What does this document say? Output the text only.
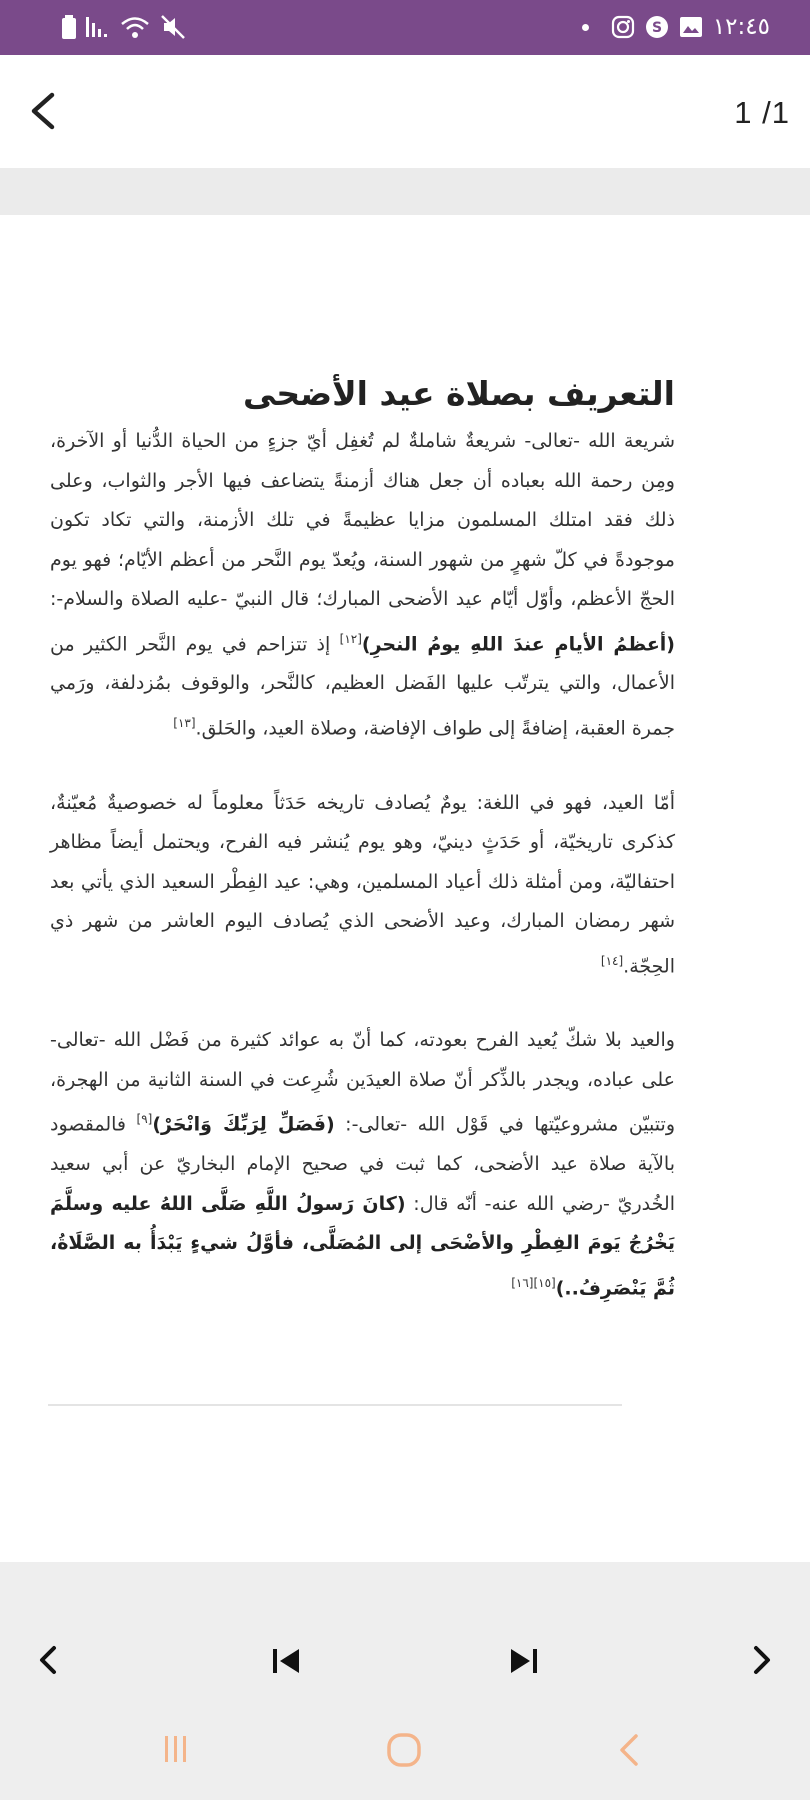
S ١٢:٤٥
1 /1
التعريف بصلاة عيد الأضحى

شريعة الله -تعالى- شريعةٌ شاملةٌ لم تُغفِل أيّ جزءٍ من الحياة الدُّنيا أو الآخرة، ومِن رحمة الله بعباده أن جعل هناك أزمنةً يتضاعف فيها الأجر والثواب، وعلى ذلك فقد امتلك المسلمون مزايا عظيمةً في تلك الأزمنة، والتي تكاد تكون موجودةً في كلّ شهرٍ من شهور السنة، ويُعدّ يوم النَّحر من أعظم الأيّام؛ فهو يوم الحجّ الأعظم، وأوّل أيّام عيد الأضحى المبارك؛ قال النبيّ -عليه الصلاة والسلام-: (أعظمُ الأيامِ عندَ اللهِ يومُ النحرِ)[١٢] إذ تتزاحم في يوم النَّحر الكثير من الأعمال، والتي يترتّب عليها الفَضل العظيم، كالنَّحر، والوقوف بمُزدلفة، ورَمي جمرة العقبة، إضافةً إلى طواف الإفاضة، وصلاة العيد، والحَلق.[١٣]

أمّا العيد، فهو في اللغة: يومٌ يُصادف تاريخه حَدَثاً معلوماً له خصوصيةٌ مُعيّنةٌ، كذكرى تاريخيّة، أو حَدَثٍ دينيّ، وهو يوم يُنشر فيه الفرح، ويحتمل أيضاً مظاهر احتفاليّة، ومن أمثلة ذلك أعياد المسلمين، وهي: عيد الفِطْر السعيد الذي يأتي بعد شهر رمضان المبارك، وعيد الأضحى الذي يُصادف اليوم العاشر من شهر ذي الحِجّة.[١٤]

والعيد بلا شكّ يُعيد الفرح بعودته، كما أنّ به عوائد كثيرة من فَضْل الله -تعالى- على عباده، ويجدر بالذِّكر أنّ صلاة العيدَين شُرِعت في السنة الثانية من الهجرة، وتتبيّن مشروعيّتها في قَوْل الله -تعالى-: (فَصَلِّ لِرَبِّكَ وَانْحَرْ)[٩] فالمقصود بالآية صلاة عيد الأضحى، كما ثبت في صحيح الإمام البخاريّ عن أبي سعيد الخُدريّ -رضي الله عنه- أنّه قال: (كانَ رَسولُ اللَّهِ صَلَّى اللهُ عليه وسلَّمَ يَخْرُجُ يَومَ الفِطْرِ والأضْحَى إلى المُصَلَّى، فأوَّلُ شيءٍ يَبْدَأُ به الصَّلَاةُ، ثُمَّ يَنْصَرِفُ..)[١٥][١٦]
